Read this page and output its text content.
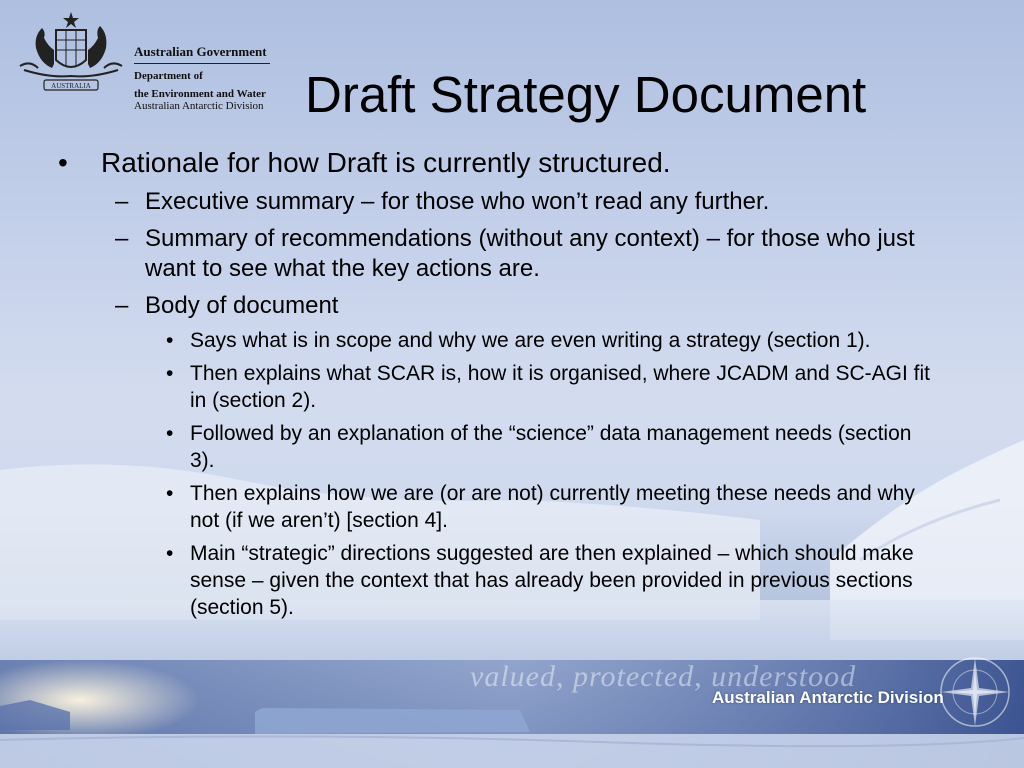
AUSTRALIA
Australian Government
Department of
the Environment and Water
Australian Antarctic Division Draft Strategy Document
• Rationale for how Draft is currently structured.
– Executive summary – for those who won’t read any further.
– Summary of recommendations (without any context) – for those who just want to see what the key actions are.
– Body of document
• Says what is in scope and why we are even writing a strategy (section 1).
• Then explains what SCAR is, how it is organised, where JCADM and SC-AGI fit in (section 2).
• Followed by an explanation of the “science” data management needs (section 3).
• Then explains how we are (or are not) currently meeting these needs and why not (if we aren’t) [section 4].
• Main “strategic” directions suggested are then explained – which should make sense – given the context that has already been provided in previous sections (section 5).
valued, protected, understood
Australian Antarctic Division
